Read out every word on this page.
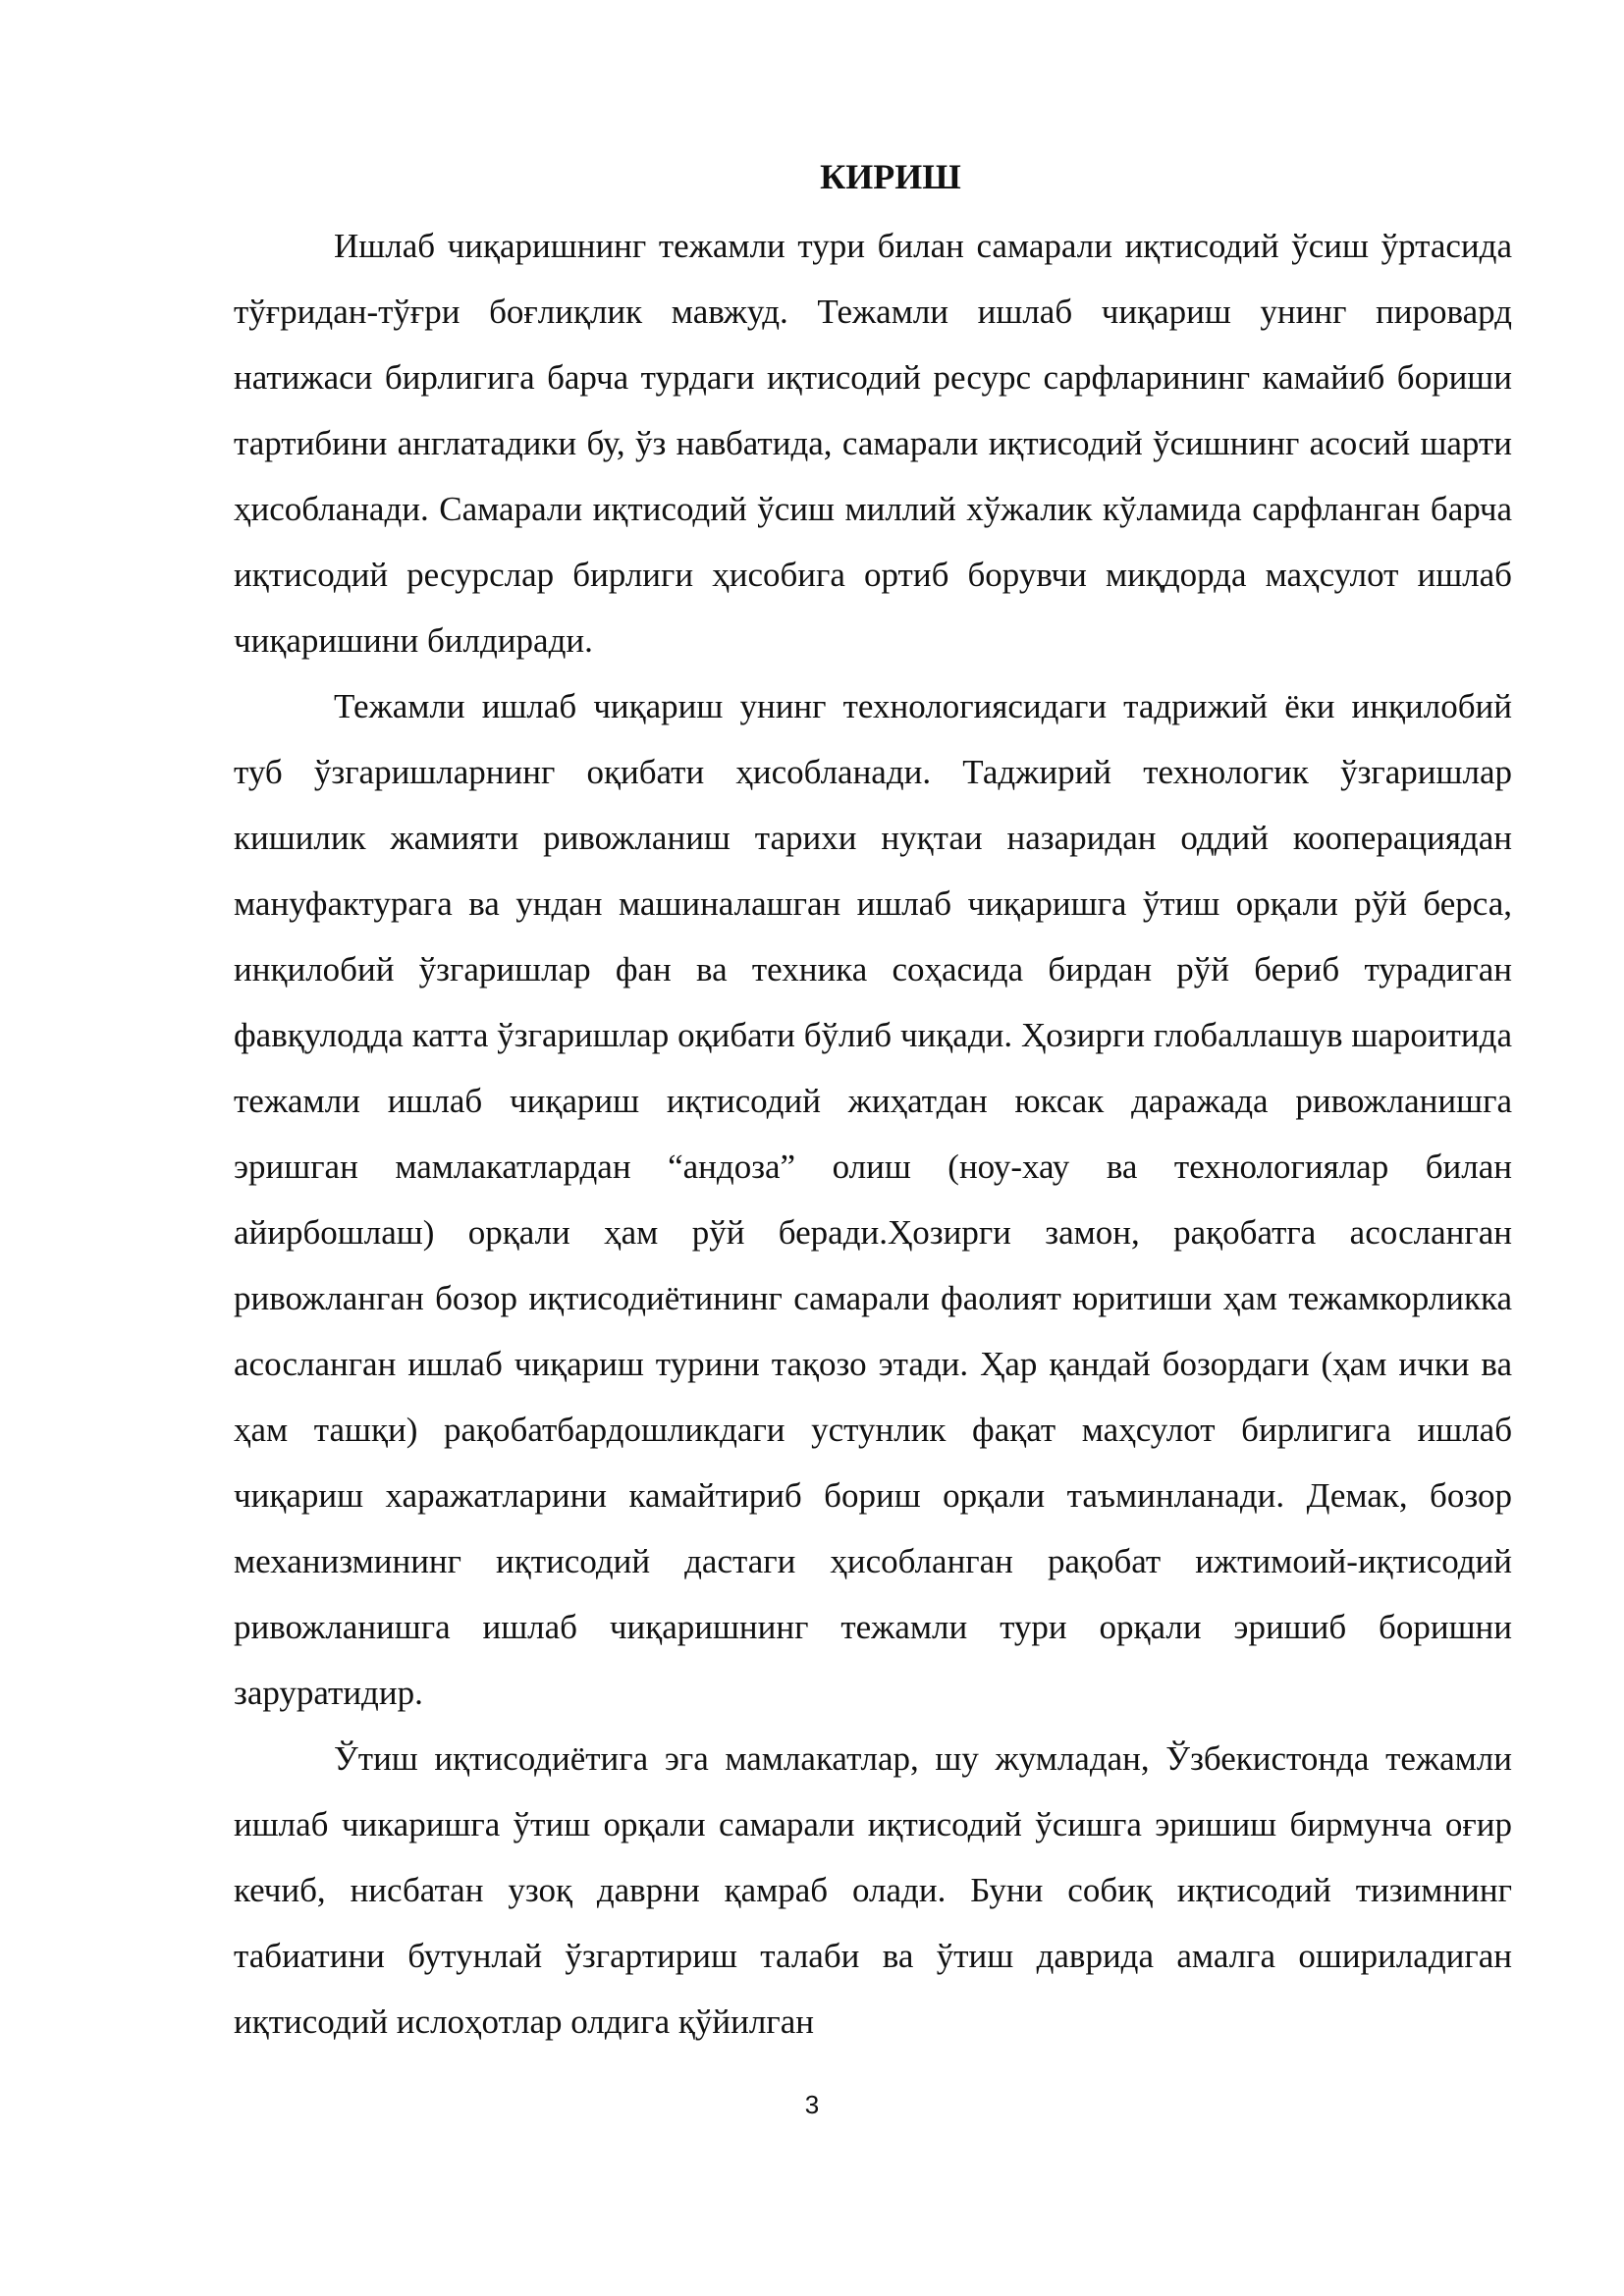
КИРИШ

Ишлаб чиқаришнинг тежамли тури билан самарали иқтисодий ўсиш ўртасида тўғридан-тўғри боғлиқлик мавжуд. Тежамли ишлаб чиқариш унинг пировард натижаси бирлигига барча турдаги иқтисодий ресурс сарфларининг камайиб бориши тартибини англатадики бу, ўз навбатида, самарали иқтисодий ўсишнинг асосий шарти ҳисобланади. Самарали иқтисодий ўсиш миллий хўжалик кўламида сарфланган барча иқтисодий ресурслар бирлиги ҳисобига ортиб борувчи миқдорда маҳсулот ишлаб чиқаришини билдиради.

Тежамли ишлаб чиқариш унинг технологиясидаги тадрижий ёки инқилобий туб ўзгаришларнинг оқибати ҳисобланади. Таджирий технологик ўзгаришлар кишилик жамияти ривожланиш тарихи нуқтаи назаридан оддий кооперациядан мануфактурага ва ундан машиналашган ишлаб чиқаришга ўтиш орқали рўй берса, инқилобий ўзгаришлар фан ва техника соҳасида бирдан рўй бериб турадиган фавқулодда катта ўзгаришлар оқибати бўлиб чиқади. Ҳозирги глобаллашув шароитида тежамли ишлаб чиқариш иқтисодий жиҳатдан юксак даражада ривожланишга эришган мамлакатлардан “андоза” олиш (ноу-хау ва технологиялар билан айирбошлаш) орқали ҳам рўй беради.Ҳозирги замон, рақобатга асосланган ривожланган бозор иқтисодиётининг самарали фаолият юритиши ҳам тежамкорликка асосланган ишлаб чиқариш турини тақозо этади. Ҳар қандай бозордаги (ҳам ички ва ҳам ташқи) рақобатбардошликдаги устунлик фақат маҳсулот бирлигига ишлаб чиқариш харажатларини камайтириб бориш орқали таъминланади. Демак, бозор механизмининг иқтисодий дастаги ҳисобланган рақобат ижтимоий-иқтисодий ривожланишга ишлаб чиқаришнинг тежамли тури орқали эришиб боришни заруратидир.

Ўтиш иқтисодиётига эга мамлакатлар, шу жумладан, Ўзбекистонда тежамли ишлаб чикаришга ўтиш орқали самарали иқтисодий ўсишга эришиш бирмунча оғир кечиб, нисбатан узоқ даврни қамраб олади. Буни собиқ иқтисодий тизимнинг табиатини бутунлай ўзгартириш талаби ва ўтиш даврида амалга ошириладиган иқтисодий ислоҳотлар олдига қўйилган

3
